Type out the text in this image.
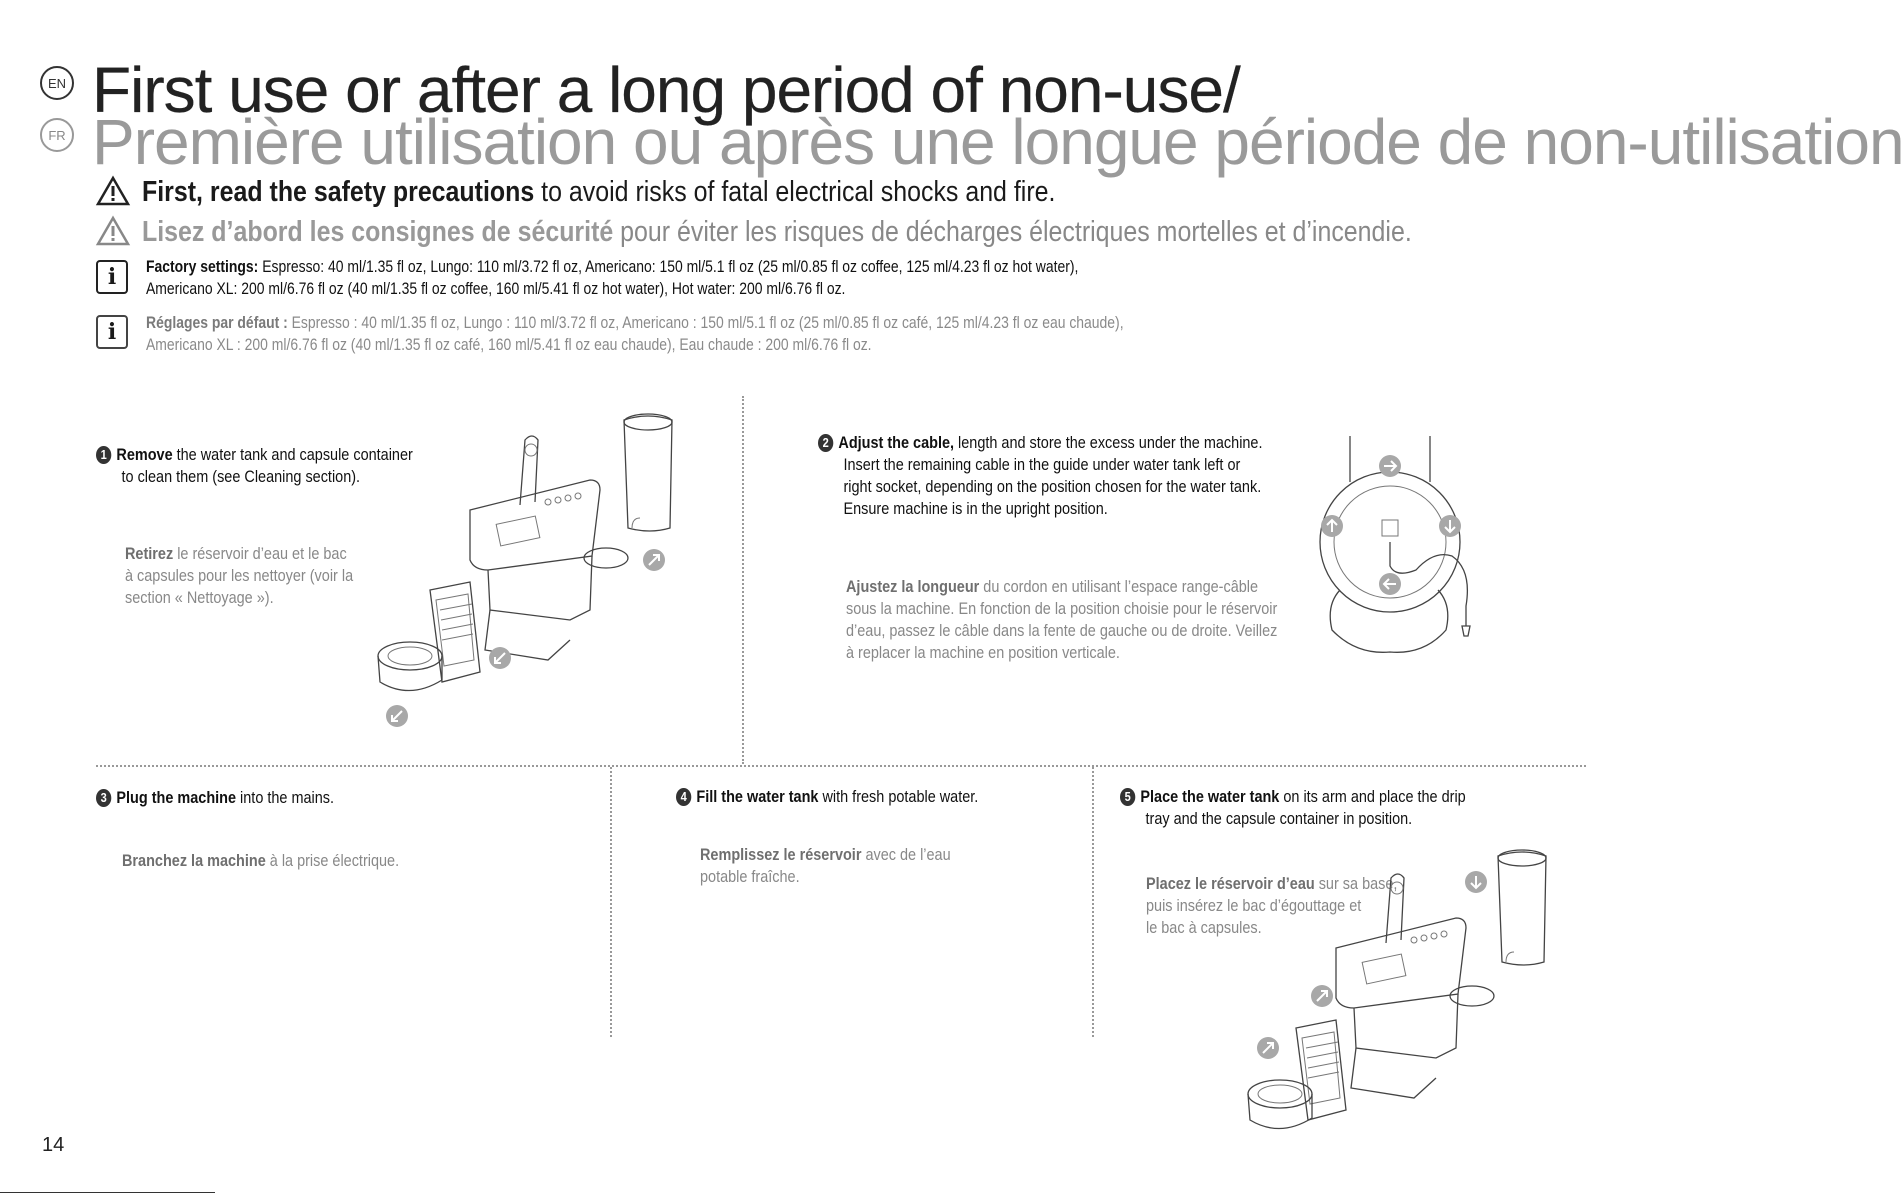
EN First use or after a long period of non-use/
FR Première utilisation ou après une longue période de non-utilisation
First, read the safety precautions to avoid risks of fatal electrical shocks and fire.
Lisez d’abord les consignes de sécurité pour éviter les risques de décharges électriques mortelles et d’incendie.
i	Factory settings: Espresso: 40 ml/1.35 fl oz, Lungo: 110 ml/3.72 fl oz, Americano: 150 ml/5.1 fl oz (25 ml/0.85 fl oz coffee, 125 ml/4.23 fl oz hot water),
Americano XL: 200 ml/6.76 fl oz (40 ml/1.35 fl oz coffee, 160 ml/5.41 fl oz hot water), Hot water: 200 ml/6.76 fl oz.
i	Réglages par défaut : Espresso : 40 ml/1.35 fl oz, Lungo : 110 ml/3.72 fl oz, Americano : 150 ml/5.1 fl oz (25 ml/0.85 fl oz café, 125 ml/4.23 fl oz eau chaude),
Americano XL : 200 ml/6.76 fl oz (40 ml/1.35 fl oz café, 160 ml/5.41 fl oz eau chaude), Eau chaude : 200 ml/6.76 fl oz.
1 Remove the water tank and capsule container
to clean them (see Cleaning section).
Retirez le réservoir d’eau et le bac
à capsules pour les nettoyer (voir la
section « Nettoyage »).
2 Adjust the cable, length and store the excess under the machine.
Insert the remaining cable in the guide under water tank left or
right socket, depending on the position chosen for the water tank.
Ensure machine is in the upright position.
Ajustez la longueur du cordon en utilisant l’espace range-câble
sous la machine. En fonction de la position choisie pour le réservoir
d’eau, passez le câble dans la fente de gauche ou de droite. Veillez
à replacer la machine en position verticale.
3 Plug the machine into the mains.
Branchez la machine à la prise électrique.
4 Fill the water tank with fresh potable water.
Remplissez le réservoir avec de l’eau
potable fraîche.
5 Place the water tank on its arm and place the drip
tray and the capsule container in position.
Placez le réservoir d’eau sur sa base,
puis insérez le bac d’égouttage et
le bac à capsules.
14
